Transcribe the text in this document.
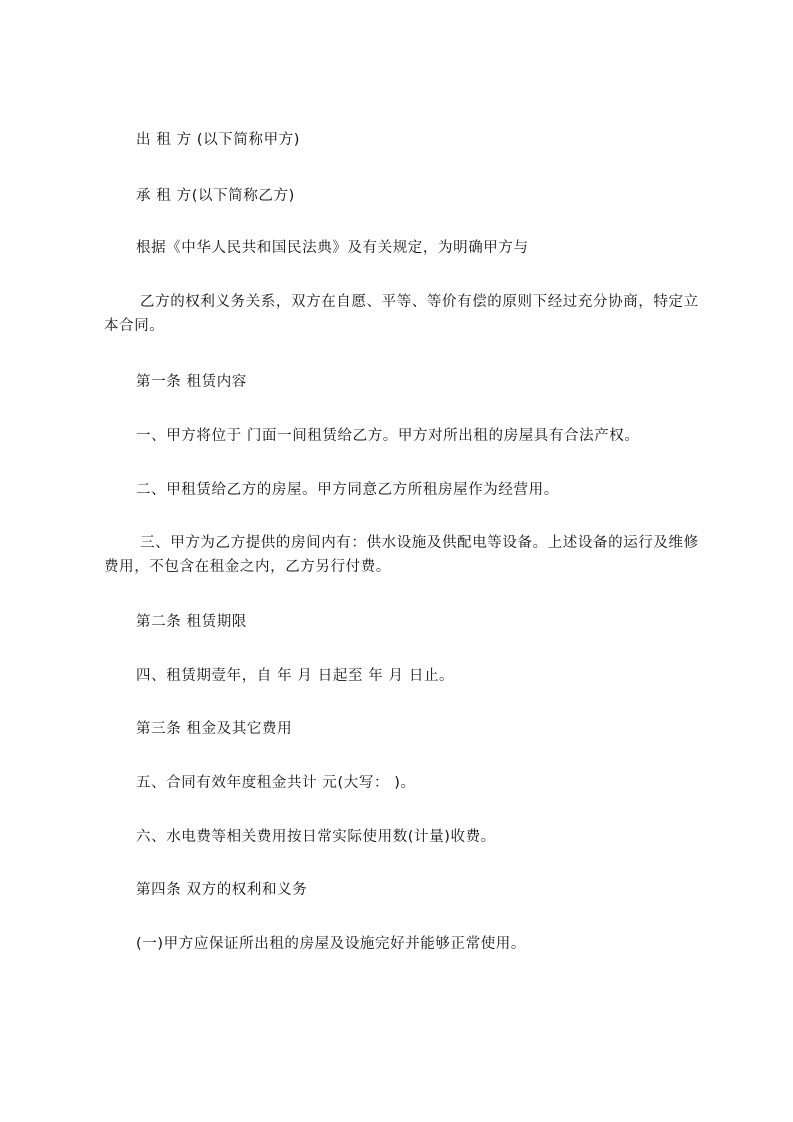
出 租 方 (以下简称甲方)

承 租 方(以下简称乙方)

根据《中华人民共和国民法典》及有关规定，为明确甲方与

乙方的权利义务关系，双方在自愿、平等、等价有偿的原则下经过充分协商，特定立本合同。

第一条 租赁内容

一、甲方将位于 门面一间租赁给乙方。甲方对所出租的房屋具有合法产权。

二、甲租赁给乙方的房屋。甲方同意乙方所租房屋作为经营用。

三、甲方为乙方提供的房间内有：供水设施及供配电等设备。上述设备的运行及维修费用，不包含在租金之内，乙方另行付费。

第二条 租赁期限

四、租赁期壹年，自 年 月 日起至 年 月 日止。

第三条 租金及其它费用

五、合同有效年度租金共计 元(大写： )。

六、水电费等相关费用按日常实际使用数(计量)收费。

第四条 双方的权利和义务

(一)甲方应保证所出租的房屋及设施完好并能够正常使用。
